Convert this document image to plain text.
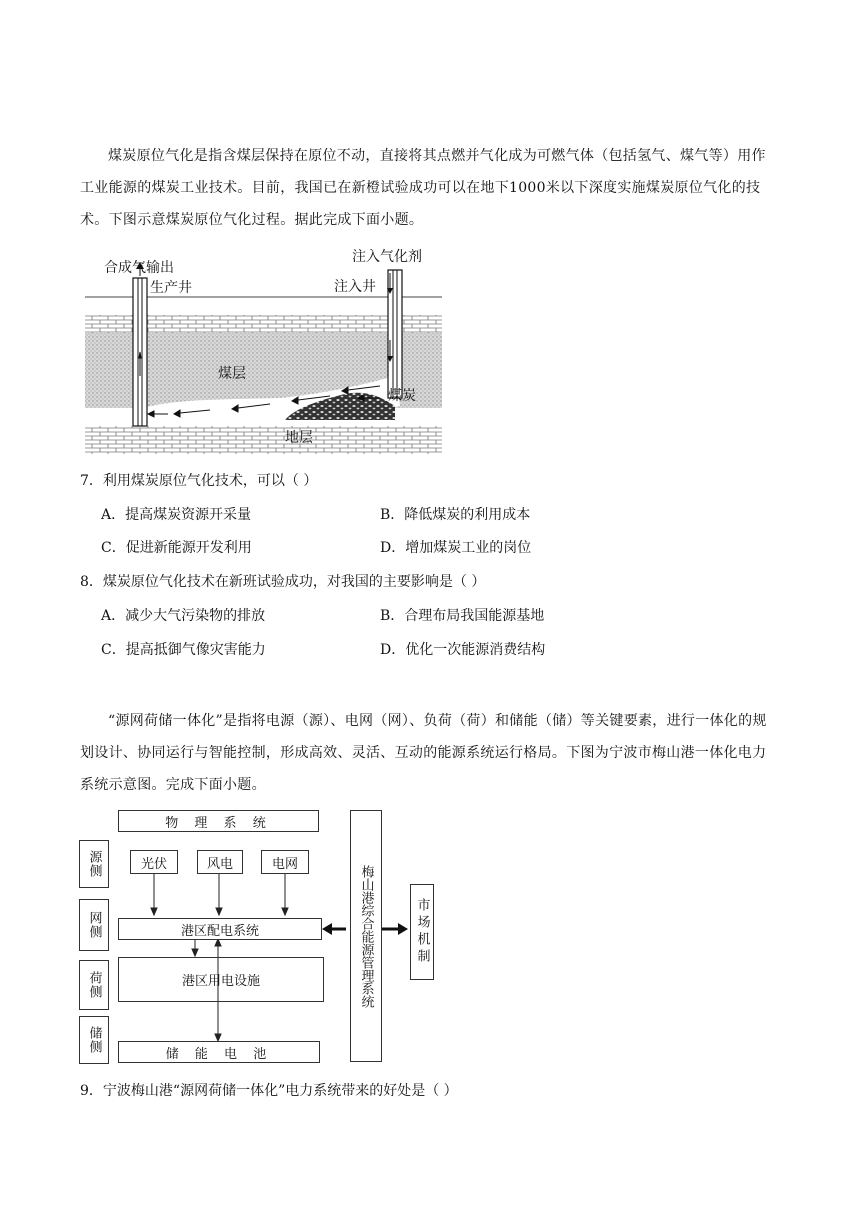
煤炭原位气化是指含煤层保持在原位不动，直接将其点燃并气化成为可燃气体（包括氢气、煤气等）用作工业能源的煤炭工业技术。目前，我国已在新橙试验成功可以在地下1000米以下深度实施煤炭原位气化的技术。下图示意煤炭原位气化过程。据此完成下面小题。
合成气输出
生产井
注入气化剂
注入井
煤层
煤炭
地层
7．利用煤炭原位气化技术，可以（ ）
A．提高煤炭资源开采量	B．降低煤炭的利用成本
C．促进新能源开发利用	D．增加煤炭工业的岗位
8．煤炭原位气化技术在新班试验成功，对我国的主要影响是（ ）
A．减少大气污染物的排放	B．合理布局我国能源基地
C．提高抵御气像灾害能力	D．优化一次能源消费结构
“源网荷储一体化”是指将电源（源）、电网（网）、负荷（荷）和储能（储）等关键要素，进行一体化的规划设计、协同运行与智能控制，形成高效、灵活、互动的能源系统运行格局。下图为宁波市梅山港一体化电力系统示意图。完成下面小题。
物 理 系 统
源侧
网侧
荷侧
储侧
光伏	风电	电网
港区配电系统
港区用电设施
储 能 电 池
梅山港综合能源管理系统	市场机制
9．宁波梅山港“源网荷储一体化”电力系统带来的好处是（ ）
